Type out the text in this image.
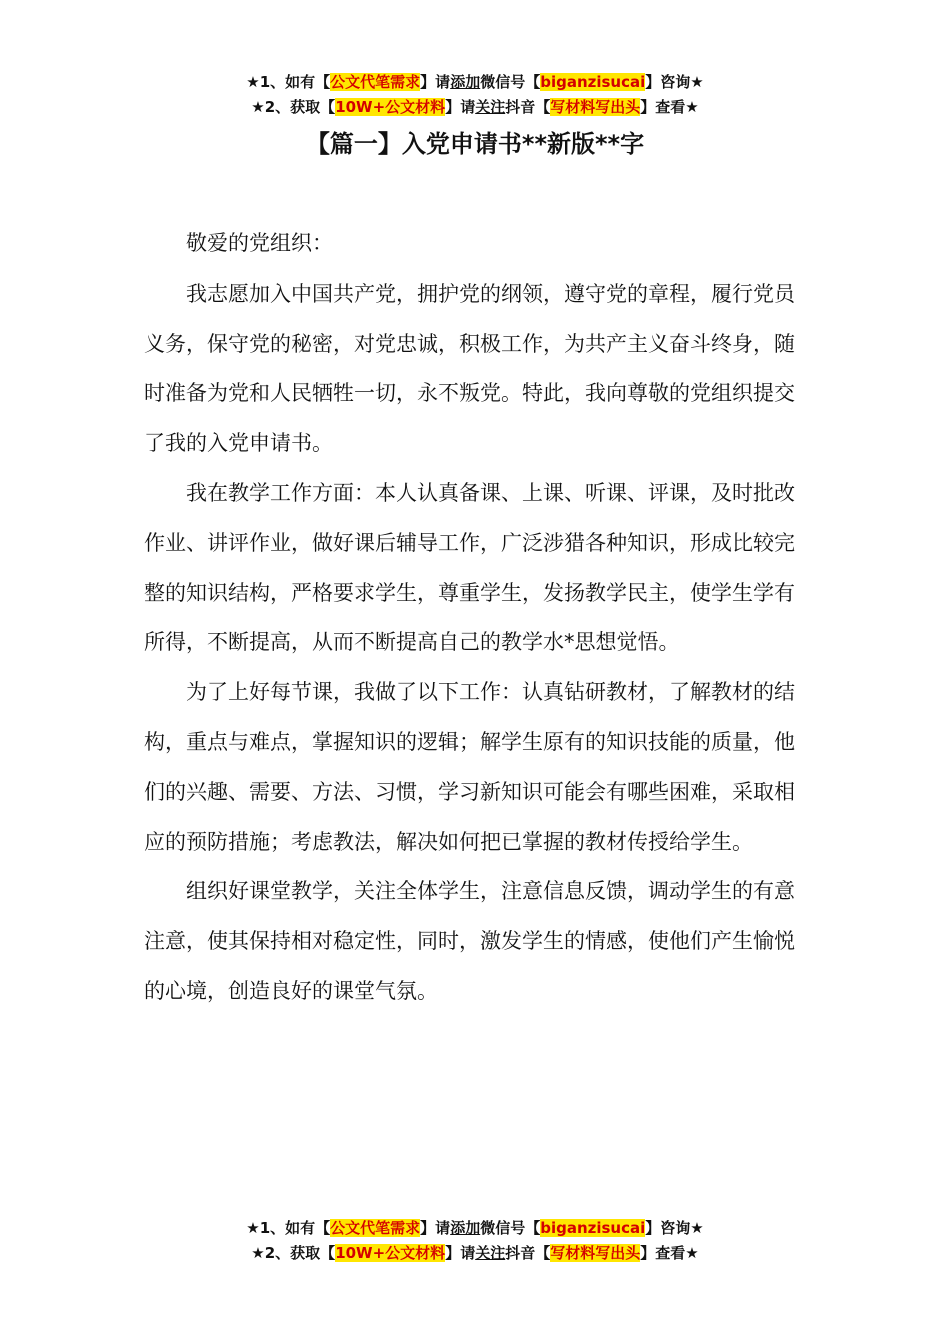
★1、如有【公文代笔需求】请添加微信号【biganzisucai】咨询★
★2、获取【10W+公文材料】请关注抖音【写材料写出头】查看★
【篇一】入党申请书**新版**字

敬爱的党组织：

我志愿加入中国共产党，拥护党的纲领，遵守党的章程，履行党员义务，保守党的秘密，对党忠诚，积极工作，为共产主义奋斗终身，随时准备为党和人民牺牲一切，永不叛党。特此，我向尊敬的党组织提交了我的入党申请书。

我在教学工作方面：本人认真备课、上课、听课、评课，及时批改作业、讲评作业，做好课后辅导工作，广泛涉猎各种知识，形成比较完整的知识结构，严格要求学生，尊重学生，发扬教学民主，使学生学有所得，不断提高，从而不断提高自己的教学水*思想觉悟。

为了上好每节课，我做了以下工作：认真钻研教材，了解教材的结构，重点与难点，掌握知识的逻辑；解学生原有的知识技能的质量，他们的兴趣、需要、方法、习惯，学习新知识可能会有哪些困难，采取相应的预防措施；考虑教法，解决如何把已掌握的教材传授给学生。

组织好课堂教学，关注全体学生，注意信息反馈，调动学生的有意注意，使其保持相对稳定性，同时，激发学生的情感，使他们产生愉悦的心境，创造良好的课堂气氛。

★1、如有【公文代笔需求】请添加微信号【biganzisucai】咨询★
★2、获取【10W+公文材料】请关注抖音【写材料写出头】查看★
